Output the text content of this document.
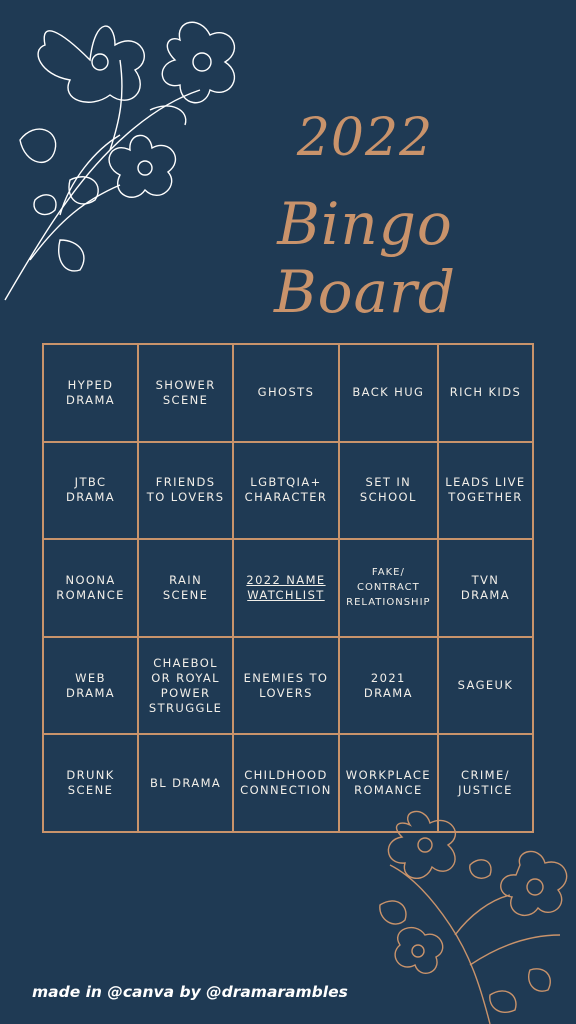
2022
Bingo Board
HYPED
DRAMA
SHOWER
SCENE
GHOSTS	BACK HUG	RICH KIDS
JTBC
DRAMA
FRIENDS
TO LOVERS
LGBTQIA+
CHARACTER
SET IN
SCHOOL
LEADS LIVE
TOGETHER
NOONA
ROMANCE
RAIN SCENE
2022 NAME
WATCHLIST
FAKE/
CONTRACT
RELATIONSHIP
TVN
DRAMA
WEB
DRAMA
CHAEBOL
OR ROYAL
POWER
STRUGGLE
ENEMIES TO
LOVERS
2021
DRAMA
SAGEUK
DRUNK
SCENE
BL DRAMA
CHILDHOOD
CONNECTION
WORKPLACE
ROMANCE
CRIME/
JUSTICE
made in @canva by @dramarambles
